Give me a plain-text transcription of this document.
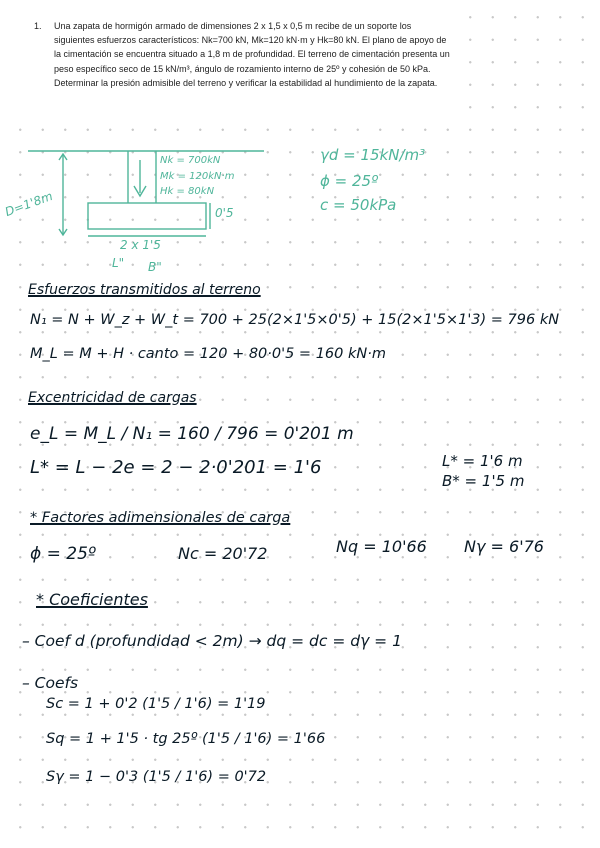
1. Una zapata de hormigón armado de dimensiones 2 x 1,5 x 0,5 m recibe de un soporte los siguientes esfuerzos característicos: Nk=700 kN, Mk=120 kN·m y Hk=80 kN. El plano de apoyo de la cimentación se encuentra situado a 1,8 m de profundidad. El terreno de cimentación presenta un peso específico seco de 15 kN/m³, ángulo de rozamiento interno de 25º y cohesión de 50 kPa. Determinar la presión admisible del terreno y verificar la estabilidad al hundimiento de la zapata.

D=1'8m
Nk = 700kN
Mk = 120kN·m
Hk = 80kN
0'5
2 x 1'5
L" B"
γd = 15kN/m³
ϕ = 25º
c = 50kPa
Esfuerzos transmitidos al terreno
N₁ = N + W_z + W_t = 700 + 25(2×1'5×0'5) + 15(2×1'5×1'3) = 796 kN
M_L = M + H · canto = 120 + 80·0'5 = 160 kN·m
Excentricidad de cargas
e_L = M_L / N₁ = 160 / 796 = 0'201 m
L* = L − 2e = 2 − 2·0'201 = 1'6	L* = 1'6 m
B* = 1'5 m
* Factores adimensionales de carga
ϕ = 25º	Nc = 20'72	Nq = 10'66 Nγ = 6'76
* Coeficientes
– Coef d (profundidad < 2m) → dq = dc = dγ = 1
– Coefs
Sc = 1 + 0'2 (1'5 / 1'6) = 1'19
Sq = 1 + 1'5 · tg 25º (1'5 / 1'6) = 1'66
Sγ = 1 − 0'3 (1'5 / 1'6) = 0'72
